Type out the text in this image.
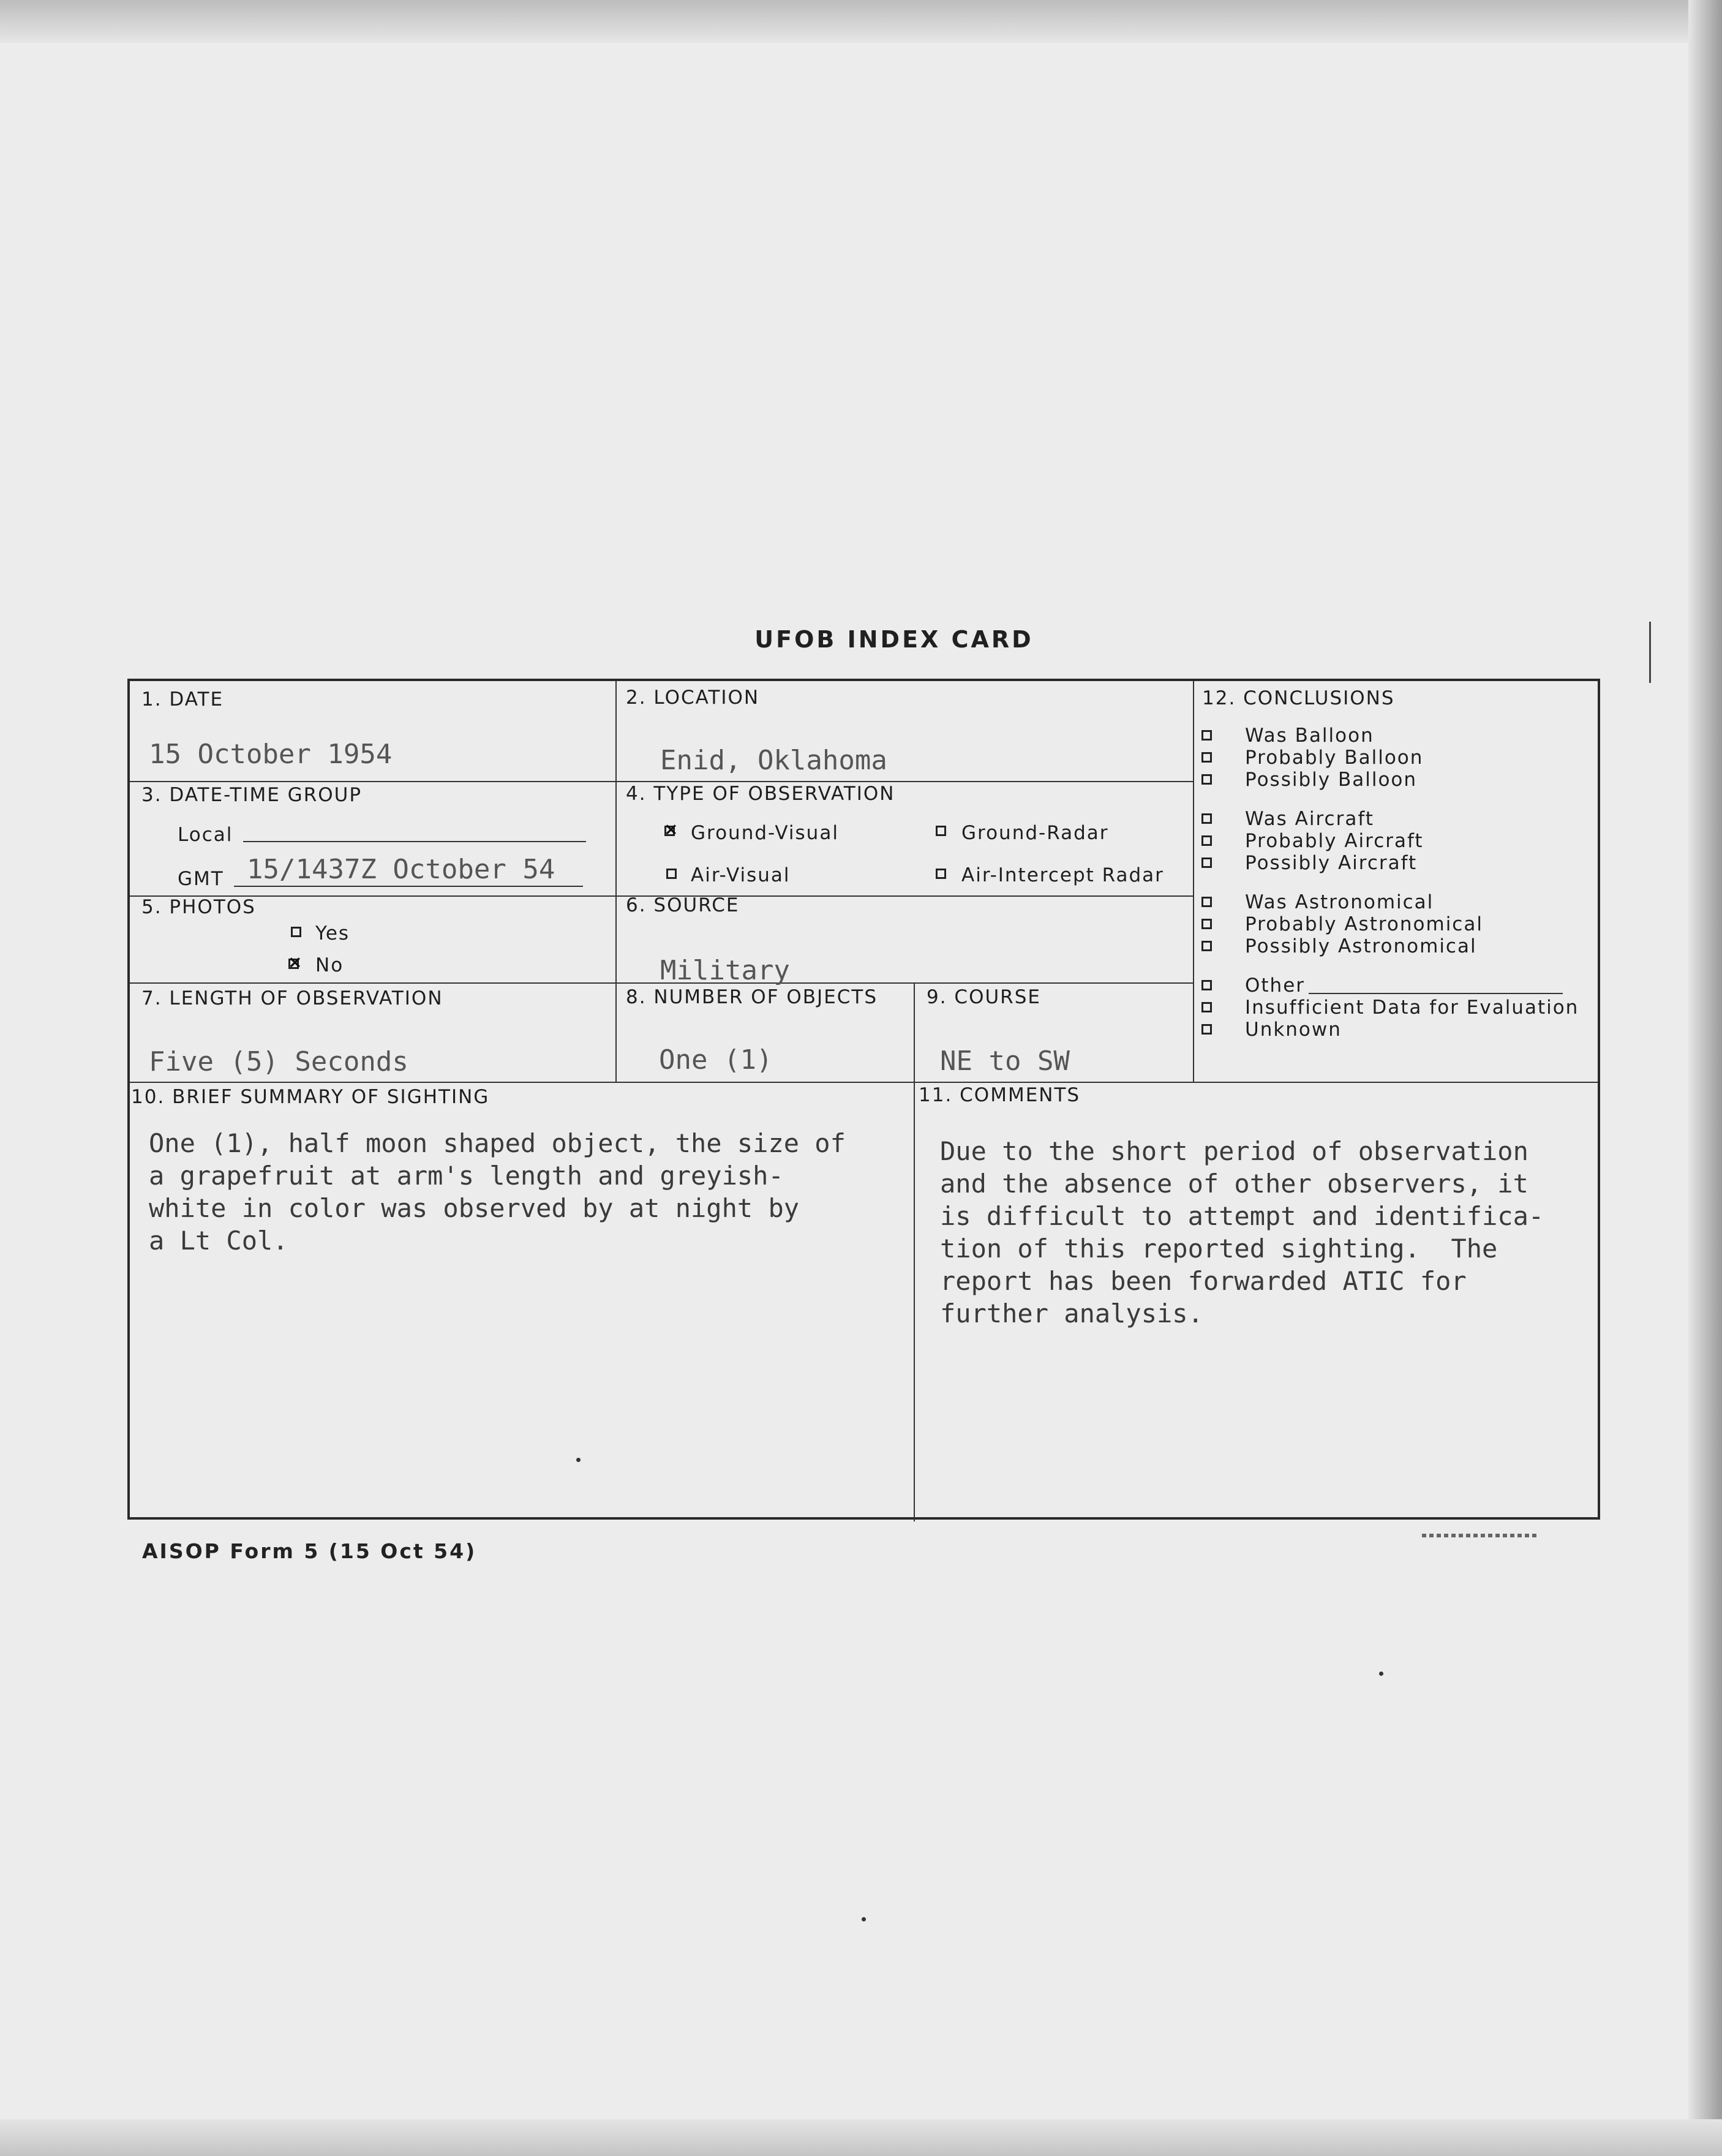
UFOB INDEX CARD
1. DATE
15 October 1954
2. LOCATION
Enid, Oklahoma
3. DATE-TIME GROUP
Local
GMT 15/1437Z October 54
4. TYPE OF OBSERVATION
×
Ground-Visual	Ground-Radar
Air-Visual	Air-Intercept Radar
5. PHOTOS
Yes
×
No
6. SOURCE
Military
7. LENGTH OF OBSERVATION
Five (5) Seconds
8. NUMBER OF OBJECTS
One (1)
9. COURSE
NE to SW
10. BRIEF SUMMARY OF SIGHTING
One (1), half moon shaped object, the size of
a grapefruit at arm's length and greyish-
white in color was observed by at night by
a Lt Col.
11. COMMENTS
Due to the short period of observation
and the absence of other observers, it
is difficult to attempt and identifica-
tion of this reported sighting.  The
report has been forwarded ATIC for
further analysis.
12. CONCLUSIONS
Was Balloon
Probably Balloon
Possibly Balloon
Was Aircraft
Probably Aircraft
Possibly Aircraft
Was Astronomical
Probably Astronomical
Possibly Astronomical
Other
Insufficient Data for Evaluation
Unknown
AISOP Form 5 (15 Oct 54)
